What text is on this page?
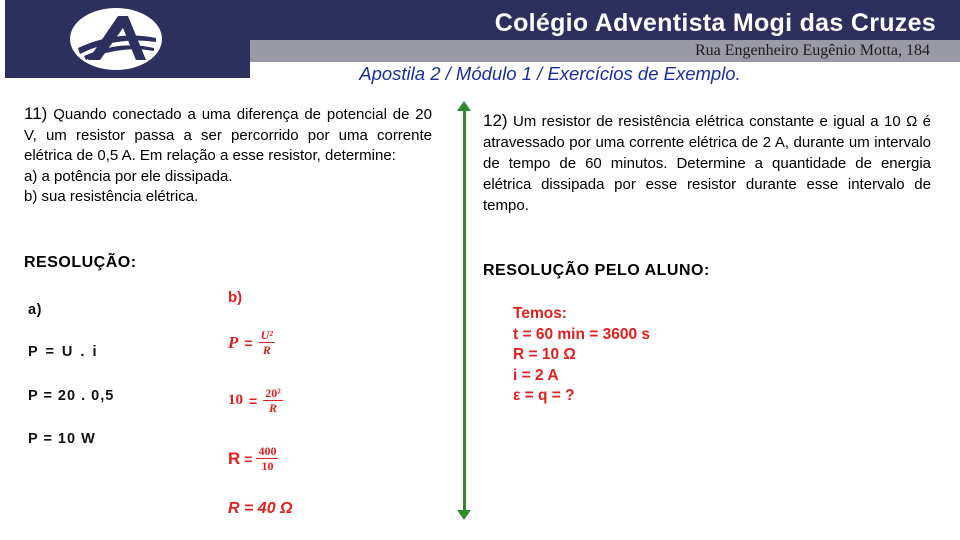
Colégio Adventista Mogi das Cruzes
Rua Engenheiro Eugênio Motta, 184
Apostila 2 / Módulo 1 / Exercícios de Exemplo.
11) Quando conectado a uma diferença de potencial de 20 V, um resistor passa a ser percorrido por uma corrente elétrica de 0,5 A. Em relação a esse resistor, determine:
a) a potência por ele dissipada.
b) sua resistência elétrica.
RESOLUÇÃO:
a)
P = U . i
P = 20 . 0,5
P = 10 W
b)
$P = \frac{\text{U²}}{R}$
$10 = \frac{\text{20²}}{R}$
$R = \frac{400}{10}$
R = 40 Ω
12) Um resistor de resistência elétrica constante e igual a 10 Ω é atravessado por uma corrente elétrica de 2 A, durante um intervalo de tempo de 60 minutos. Determine a quantidade de energia elétrica dissipada por esse resistor durante esse intervalo de tempo.
RESOLUÇÃO PELO ALUNO:
Temos:
t = 60 min = 3600 s
R = 10 Ω
i = 2 A
ε = q = ?
